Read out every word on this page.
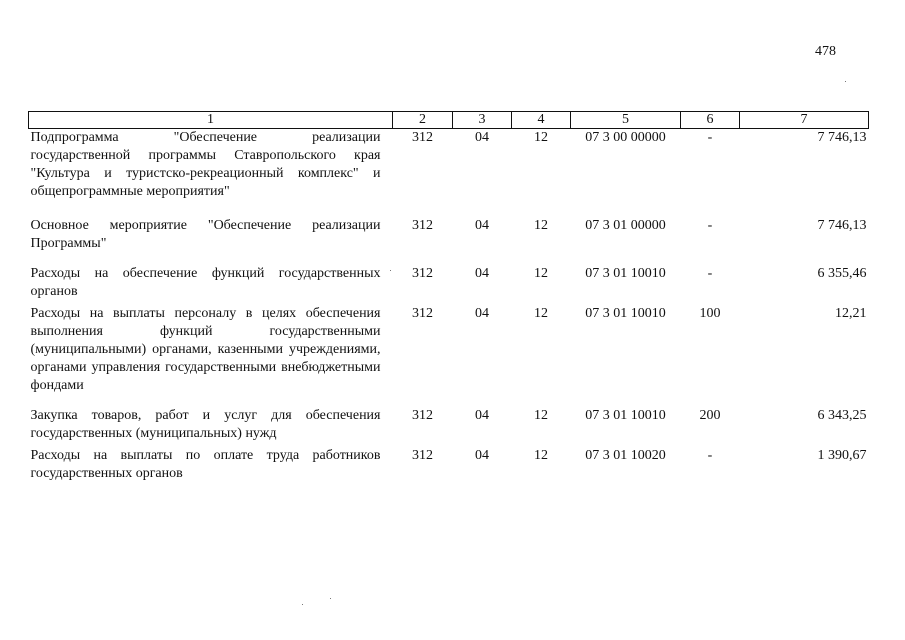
478
1	2	3	4	5	6	7
Подпрограмма "Обеспечение реализации государственной программы Ставропольского края "Культура и туристско-рекреационный комплекс" и общепрограммные мероприятия"	312	04	12	07 3 00 00000	-	7 746,13
Основное мероприятие "Обеспечение реализации Программы"	312	04	12	07 3 01 00000	-	7 746,13
Расходы на обеспечение функций государственных органов	312	04	12	07 3 01 10010	-	6 355,46
Расходы на выплаты персоналу в целях обеспечения выполнения функций государственными (муниципальными) органами, казенными учреждениями, органами управления государственными внебюджетными фондами	312	04	12	07 3 01 10010	100	12,21
Закупка товаров, работ и услуг для обеспечения государственных (муниципальных) нужд	312	04	12	07 3 01 10010	200	6 343,25
Расходы на выплаты по оплате труда работников государственных органов	312	04	12	07 3 01 10020	-	1 390,67
